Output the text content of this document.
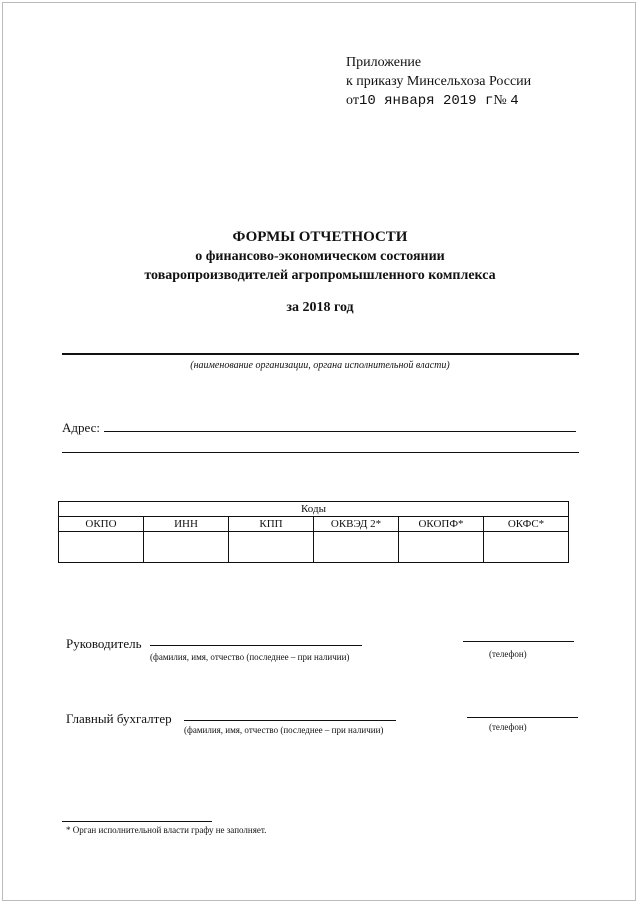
Приложение
к приказу Минсельхоза России
от10 января 2019 г№ 4
ФОРМЫ ОТЧЕТНОСТИ
о финансово-экономическом состоянии
товаропроизводителей агропромышленного комплекса
за 2018 год
(наименование организации, органа исполнительной власти)
Адрес:
Коды					
ОКПО	ИНН	КПП	ОКВЭД 2*	ОКОПФ*	ОКФС*

Руководитель
(фамилия, имя, отчество (последнее – при наличии)	(телефон)
Главный бухгалтер
(фамилия, имя, отчество (последнее – при наличии)	(телефон)
* Орган исполнительной власти графу не заполняет.
